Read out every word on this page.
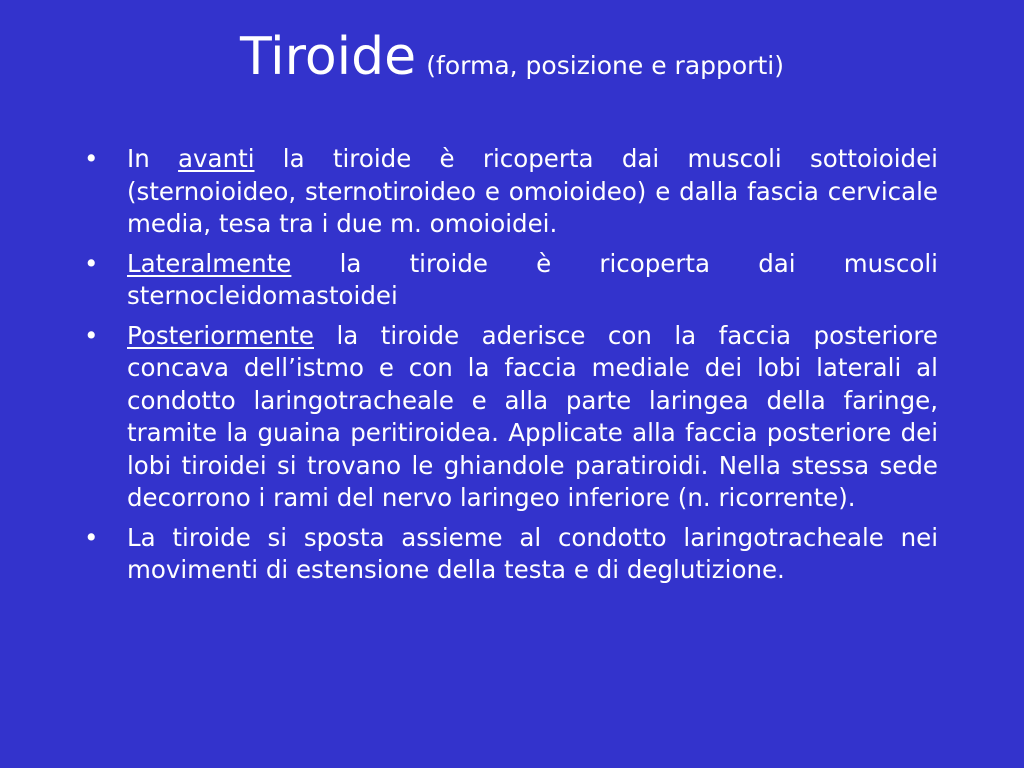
Tiroide (forma, posizione e rapporti)
• In avanti la tiroide è ricoperta dai muscoli sottoioidei (sternoioideo, sternotiroideo e omoioideo) e dalla fascia cervicale media, tesa tra i due m. omoioidei.
• Lateralmente la tiroide è ricoperta dai muscoli sternocleidomastoidei
• Posteriormente la tiroide aderisce con la faccia posteriore concava dell’istmo e con la faccia mediale dei lobi laterali al condotto laringotracheale e alla parte laringea della faringe, tramite la guaina peritiroidea. Applicate alla faccia posteriore dei lobi tiroidei si trovano le ghiandole paratiroidi. Nella stessa sede decorrono i rami del nervo laringeo inferiore (n. ricorrente).
• La tiroide si sposta assieme al condotto laringotracheale nei movimenti di estensione della testa e di deglutizione.
